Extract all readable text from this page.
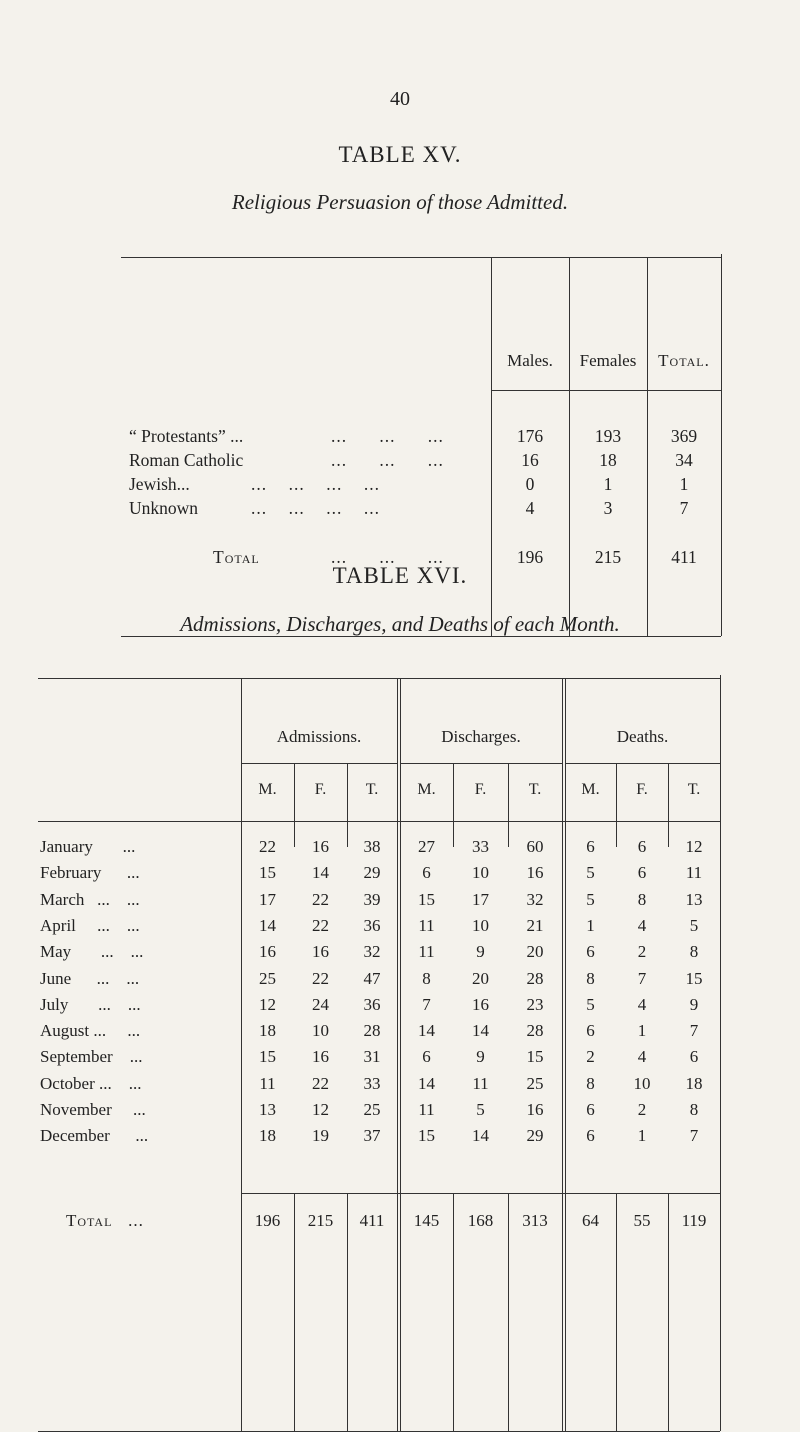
40
TABLE XV.
Religious Persuasion of those Admitted.
Males.	Females	Total.
“ Protestants” ...	...      ...      ...	176	193	369
Roman Catholic	...      ...      ...	16	18	34
Jewish...	...    ...    ...    ...	0	1	1
Unknown	...    ...    ...    ...	4	3	7
Total	...      ...      ...	196	215	411
TABLE XVI.
Admissions, Discharges, and Deaths of each Month.
Admissions.	Discharges.	Deaths.
M.	F.	T.	M.	F.	T.	M.	F.	T.
January       ...	22	16	38	27	33	60	6	6	12
February      ...	15	14	29	6	10	16	5	6	11
March   ...    ...	17	22	39	15	17	32	5	8	13
April     ...    ...	14	22	36	11	10	21	1	4	5
May       ...    ...	16	16	32	11	9	20	6	2	8
June      ...    ...	25	22	47	8	20	28	8	7	15
July       ...    ...	12	24	36	7	16	23	5	4	9
August ...     ...	18	10	28	14	14	28	6	1	7
September    ...	15	16	31	6	9	15	2	4	6
October ...    ...	11	22	33	14	11	25	8	10	18
November     ...	13	12	25	11	5	16	6	2	8
December      ...	18	19	37	15	14	29	6	1	7
Total   ...	196	215	411	145	168	313	64	55	119
